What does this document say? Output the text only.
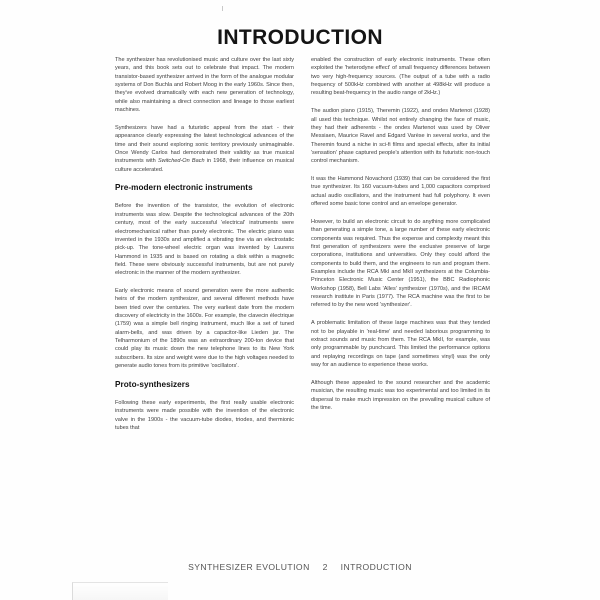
INTRODUCTION

The synthesizer has revolutionised music and culture over the last sixty years, and this book sets out to celebrate that impact. The modern transistor-based synthesizer arrived in the form of the analogue modular systems of Don Buchla and Robert Moog in the early 1960s. Since then, they've evolved dramatically with each new generation of technology, while also maintaining a direct connection and lineage to those earliest machines.

Synthesizers have had a futuristic appeal from the start - their appearance clearly expressing the latest technological advances of the time and their sound exploring sonic territory previously unimaginable. Once Wendy Carlos had demonstrated their validity as true musical instruments with Switched-On Bach in 1968, their influence on musical culture accelerated.

Pre-modern electronic instruments

Before the invention of the transistor, the evolution of electronic instruments was slow. Despite the technological advances of the 20th century, most of the early successful 'electrical' instruments were electromechanical rather than purely electronic. The electric piano was invented in the 1930s and amplified a vibrating tine via an electrostatic pick-up. The tone-wheel electric organ was invented by Laurens Hammond in 1935 and is based on rotating a disk within a magnetic field. These were obviously successful instruments, but are not purely electronic in the manner of the modern synthesizer.

Early electronic means of sound generation were the more authentic heirs of the modern synthesizer, and several different methods have been tried over the centuries. The very earliest date from the modern discovery of electricity in the 1600s. For example, the clavecin électrique (1759) was a simple bell ringing instrument, much like a set of tuned alarm-bells, and was driven by a capacitor-like Lieden jar. The Telharmonium of the 1890s was an extraordinary 200-ton device that could play its music down the new telephone lines to its New York subscribers. Its size and weight were due to the high voltages needed to generate audio tones from its primitive 'oscillators'.

Proto-synthesizers

Following these early experiments, the first really usable electronic instruments were made possible with the invention of the electronic valve in the 1900s - the vacuum-tube diodes, triodes, and thermionic tubes that

enabled the construction of early electronic instruments. These often exploited the 'heterodyne effect' of small frequency differences between two very high-frequency sources. (The output of a tube with a radio frequency of 500kHz combined with another at 498kHz will produce a resulting beat-frequency in the audio range of 2kHz.)

The audion piano (1915), Theremin (1922), and ondes Martenot (1928) all used this technique. Whilst not entirely changing the face of music, they had their adherents - the ondes Martenot was used by Oliver Messiaen, Maurice Ravel and Edgard Varèse in several works, and the Theremin found a niche in sci-fi films and special effects, after its initial 'sensation' phase captured people's attention with its futuristic non-touch control mechanism.

It was the Hammond Novachord (1939) that can be considered the first true synthesizer. Its 160 vacuum-tubes and 1,000 capacitors comprised actual audio oscillators, and the instrument had full polyphony. It even offered some basic tone control and an envelope generator.

However, to build an electronic circuit to do anything more complicated than generating a simple tone, a large number of these early electronic components was required. Thus the expense and complexity meant this first generation of synthesizers were the exclusive preserve of large corporations, institutions and universities. Only they could afford the components to build them, and the engineers to run and program them. Examples include the RCA MkI and MkII synthesizers at the Columbia-Princeton Electronic Music Center (1951), the BBC Radiophonic Workshop (1958), Bell Labs 'Alles' synthesizer (1970s), and the IRCAM research institute in Paris (1977). The RCA machine was the first to be referred to by the new word 'synthesizer'.

A problematic limitation of these large machines was that they tended not to be playable in 'real-time' and needed laborious programming to extract sounds and music from them. The RCA MkII, for example, was only programmable by punchcard. This limited the performance options and replaying recordings on tape (and sometimes vinyl) was the only way for an audience to experience these works.

Although these appealed to the sound researcher and the academic musician, the resulting music was too experimental and too limited in its dispersal to make much impression on the prevailing musical culture of the time.

SYNTHESIZER EVOLUTION 2 INTRODUCTION
